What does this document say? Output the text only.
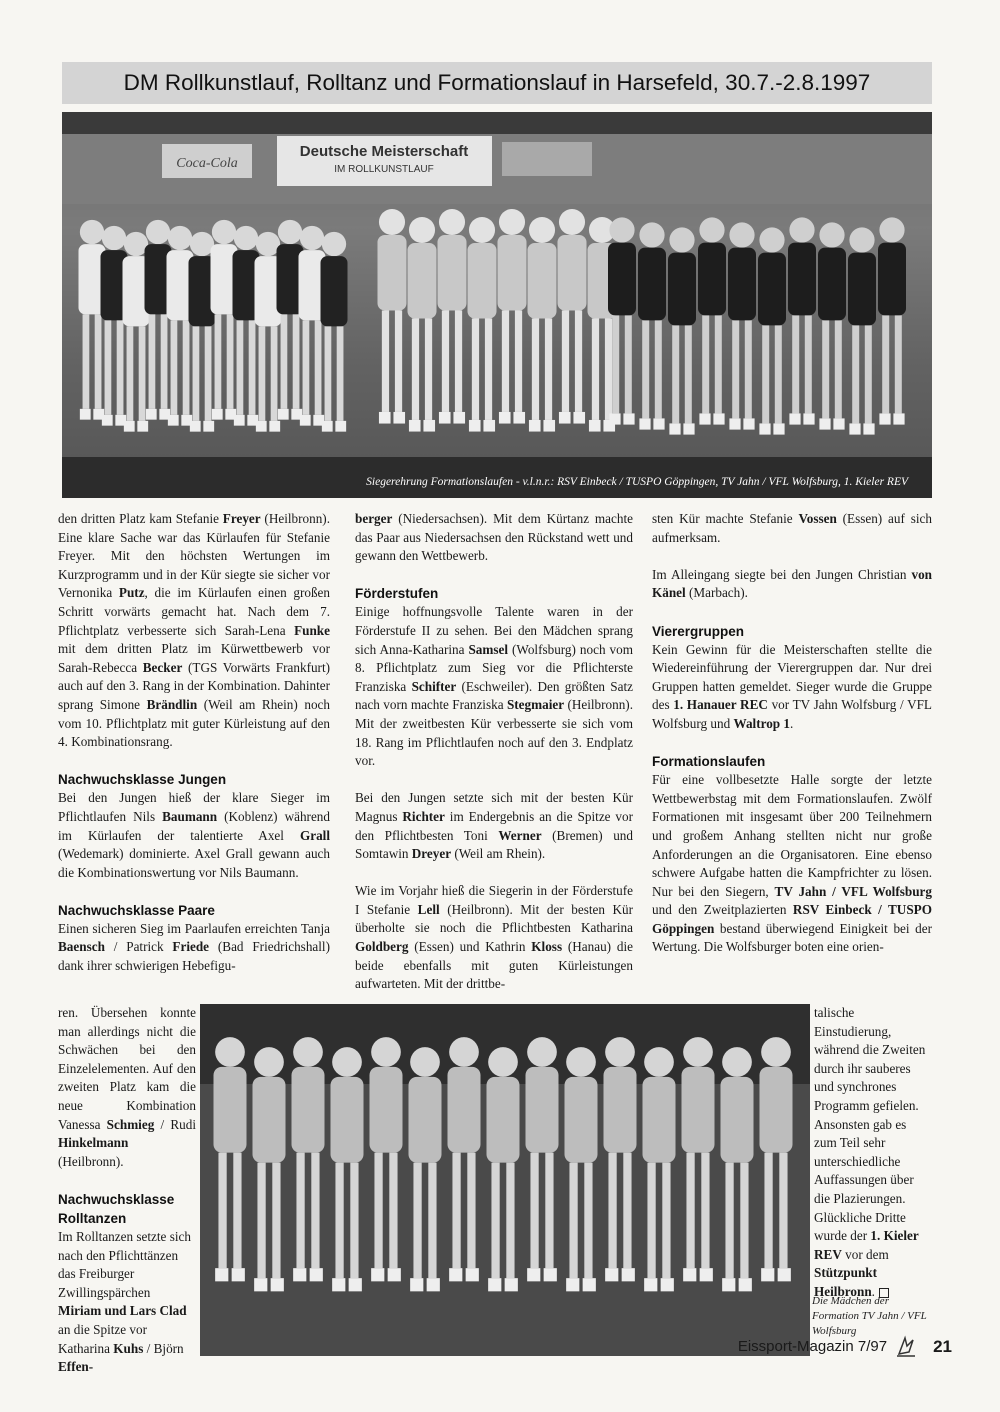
DM Rollkunstlauf, Rolltanz und Formationslauf in Harsefeld, 30.7.-2.8.1997
Coca-Cola
Deutsche Meisterschaft
IM ROLLKUNSTLAUF
Siegerehrung Formationslaufen - v.l.n.r.: RSV Einbeck / TUSPO Göppingen, TV Jahn / VFL Wolfsburg, 1. Kieler REV

den dritten Platz kam Stefanie Freyer (Heilbronn). Eine klare Sache war das Kürlaufen für Stefanie Freyer. Mit den höchsten Wertungen im Kurzprogramm und in der Kür siegte sie sicher vor Vernonika Putz, die im Kürlaufen einen großen Schritt vorwärts gemacht hat. Nach dem 7. Pflichtplatz verbesserte sich Sarah-Lena Funke mit dem dritten Platz im Kürwettbewerb vor Sarah-Rebecca Becker (TGS Vorwärts Frankfurt) auch auf den 3. Rang in der Kombination. Dahinter sprang Simone Brändlin (Weil am Rhein) noch vom 10. Pflichtplatz mit guter Kürleistung auf den 4. Kombinationsrang.

Nachwuchsklasse Jungen

Bei den Jungen hieß der klare Sieger im Pflichtlaufen Nils Baumann (Koblenz) während im Kürlaufen der talentierte Axel Grall (Wedemark) dominierte. Axel Grall gewann auch die Kombinationswertung vor Nils Baumann.

Nachwuchsklasse Paare

Einen sicheren Sieg im Paarlaufen erreichten Tanja Baensch / Patrick Friede (Bad Friedrichshall) dank ihrer schwierigen Hebefigu-

ren. Übersehen konnte man allerdings nicht die Schwächen bei den Einzelelementen. Auf den zweiten Platz kam die neue Kombination Vanessa Schmieg / Rudi Hinkelmann (Heilbronn).

Nachwuchsklasse Rolltanzen

Im Rolltanzen setzte sich nach den Pflichttänzen das Freiburger Zwillingspärchen Miriam und Lars Clad an die Spitze vor Katharina Kuhs / Björn Effen-

berger (Niedersachsen). Mit dem Kürtanz machte das Paar aus Niedersachsen den Rückstand wett und gewann den Wettbewerb.

Förderstufen

Einige hoffnungsvolle Talente waren in der Förderstufe II zu sehen. Bei den Mädchen sprang sich Anna-Katharina Samsel (Wolfsburg) noch vom 8. Pflichtplatz zum Sieg vor die Pflichterste Franziska Schifter (Eschweiler). Den größten Satz nach vorn machte Franziska Stegmaier (Heilbronn). Mit der zweitbesten Kür verbesserte sie sich vom 18. Rang im Pflichtlaufen noch auf den 3. Endplatz vor.

Bei den Jungen setzte sich mit der besten Kür Magnus Richter im Endergebnis an die Spitze vor den Pflichtbesten Toni Werner (Bremen) und Somtawin Dreyer (Weil am Rhein).

Wie im Vorjahr hieß die Siegerin in der Förderstufe I Stefanie Lell (Heilbronn). Mit der besten Kür überholte sie noch die Pflichtbesten Katharina Goldberg (Essen) und Kathrin Kloss (Hanau) die beide ebenfalls mit guten Kürleistungen aufwarteten. Mit der drittbe-

sten Kür machte Stefanie Vossen (Essen) auf sich aufmerksam.

Im Alleingang siegte bei den Jungen Christian von Känel (Marbach).

Vierergruppen

Kein Gewinn für die Meisterschaften stellte die Wiedereinführung der Vierergruppen dar. Nur drei Gruppen hatten gemeldet. Sieger wurde die Gruppe des 1. Hanauer REC vor TV Jahn Wolfsburg / VFL Wolfsburg und Waltrop 1.

Formationslaufen

Für eine vollbesetzte Halle sorgte der letzte Wettbewerbstag mit dem Formationslaufen. Zwölf Formationen mit insgesamt über 200 Teilnehmern und großem Anhang stellten nicht nur große Anforderungen an die Organisatoren. Eine ebenso schwere Aufgabe hatten die Kampfrichter zu lösen. Nur bei den Siegern, TV Jahn / VFL Wolfsburg und den Zweitplazierten RSV Einbeck / TUSPO Göppingen bestand überwiegend Einigkeit bei der Wertung. Die Wolfsburger boten eine orien-

talische Einstudierung, während die Zweiten durch ihr sauberes und synchrones Programm gefielen. Ansonsten gab es zum Teil sehr unterschiedliche Auffassungen über die Plazierungen. Glückliche Dritte wurde der 1. Kieler REV vor dem Stützpunkt Heilbronn.

Die Mädchen der Formation TV Jahn / VFL Wolfsburg
Eissport-Magazin 7/97	21
